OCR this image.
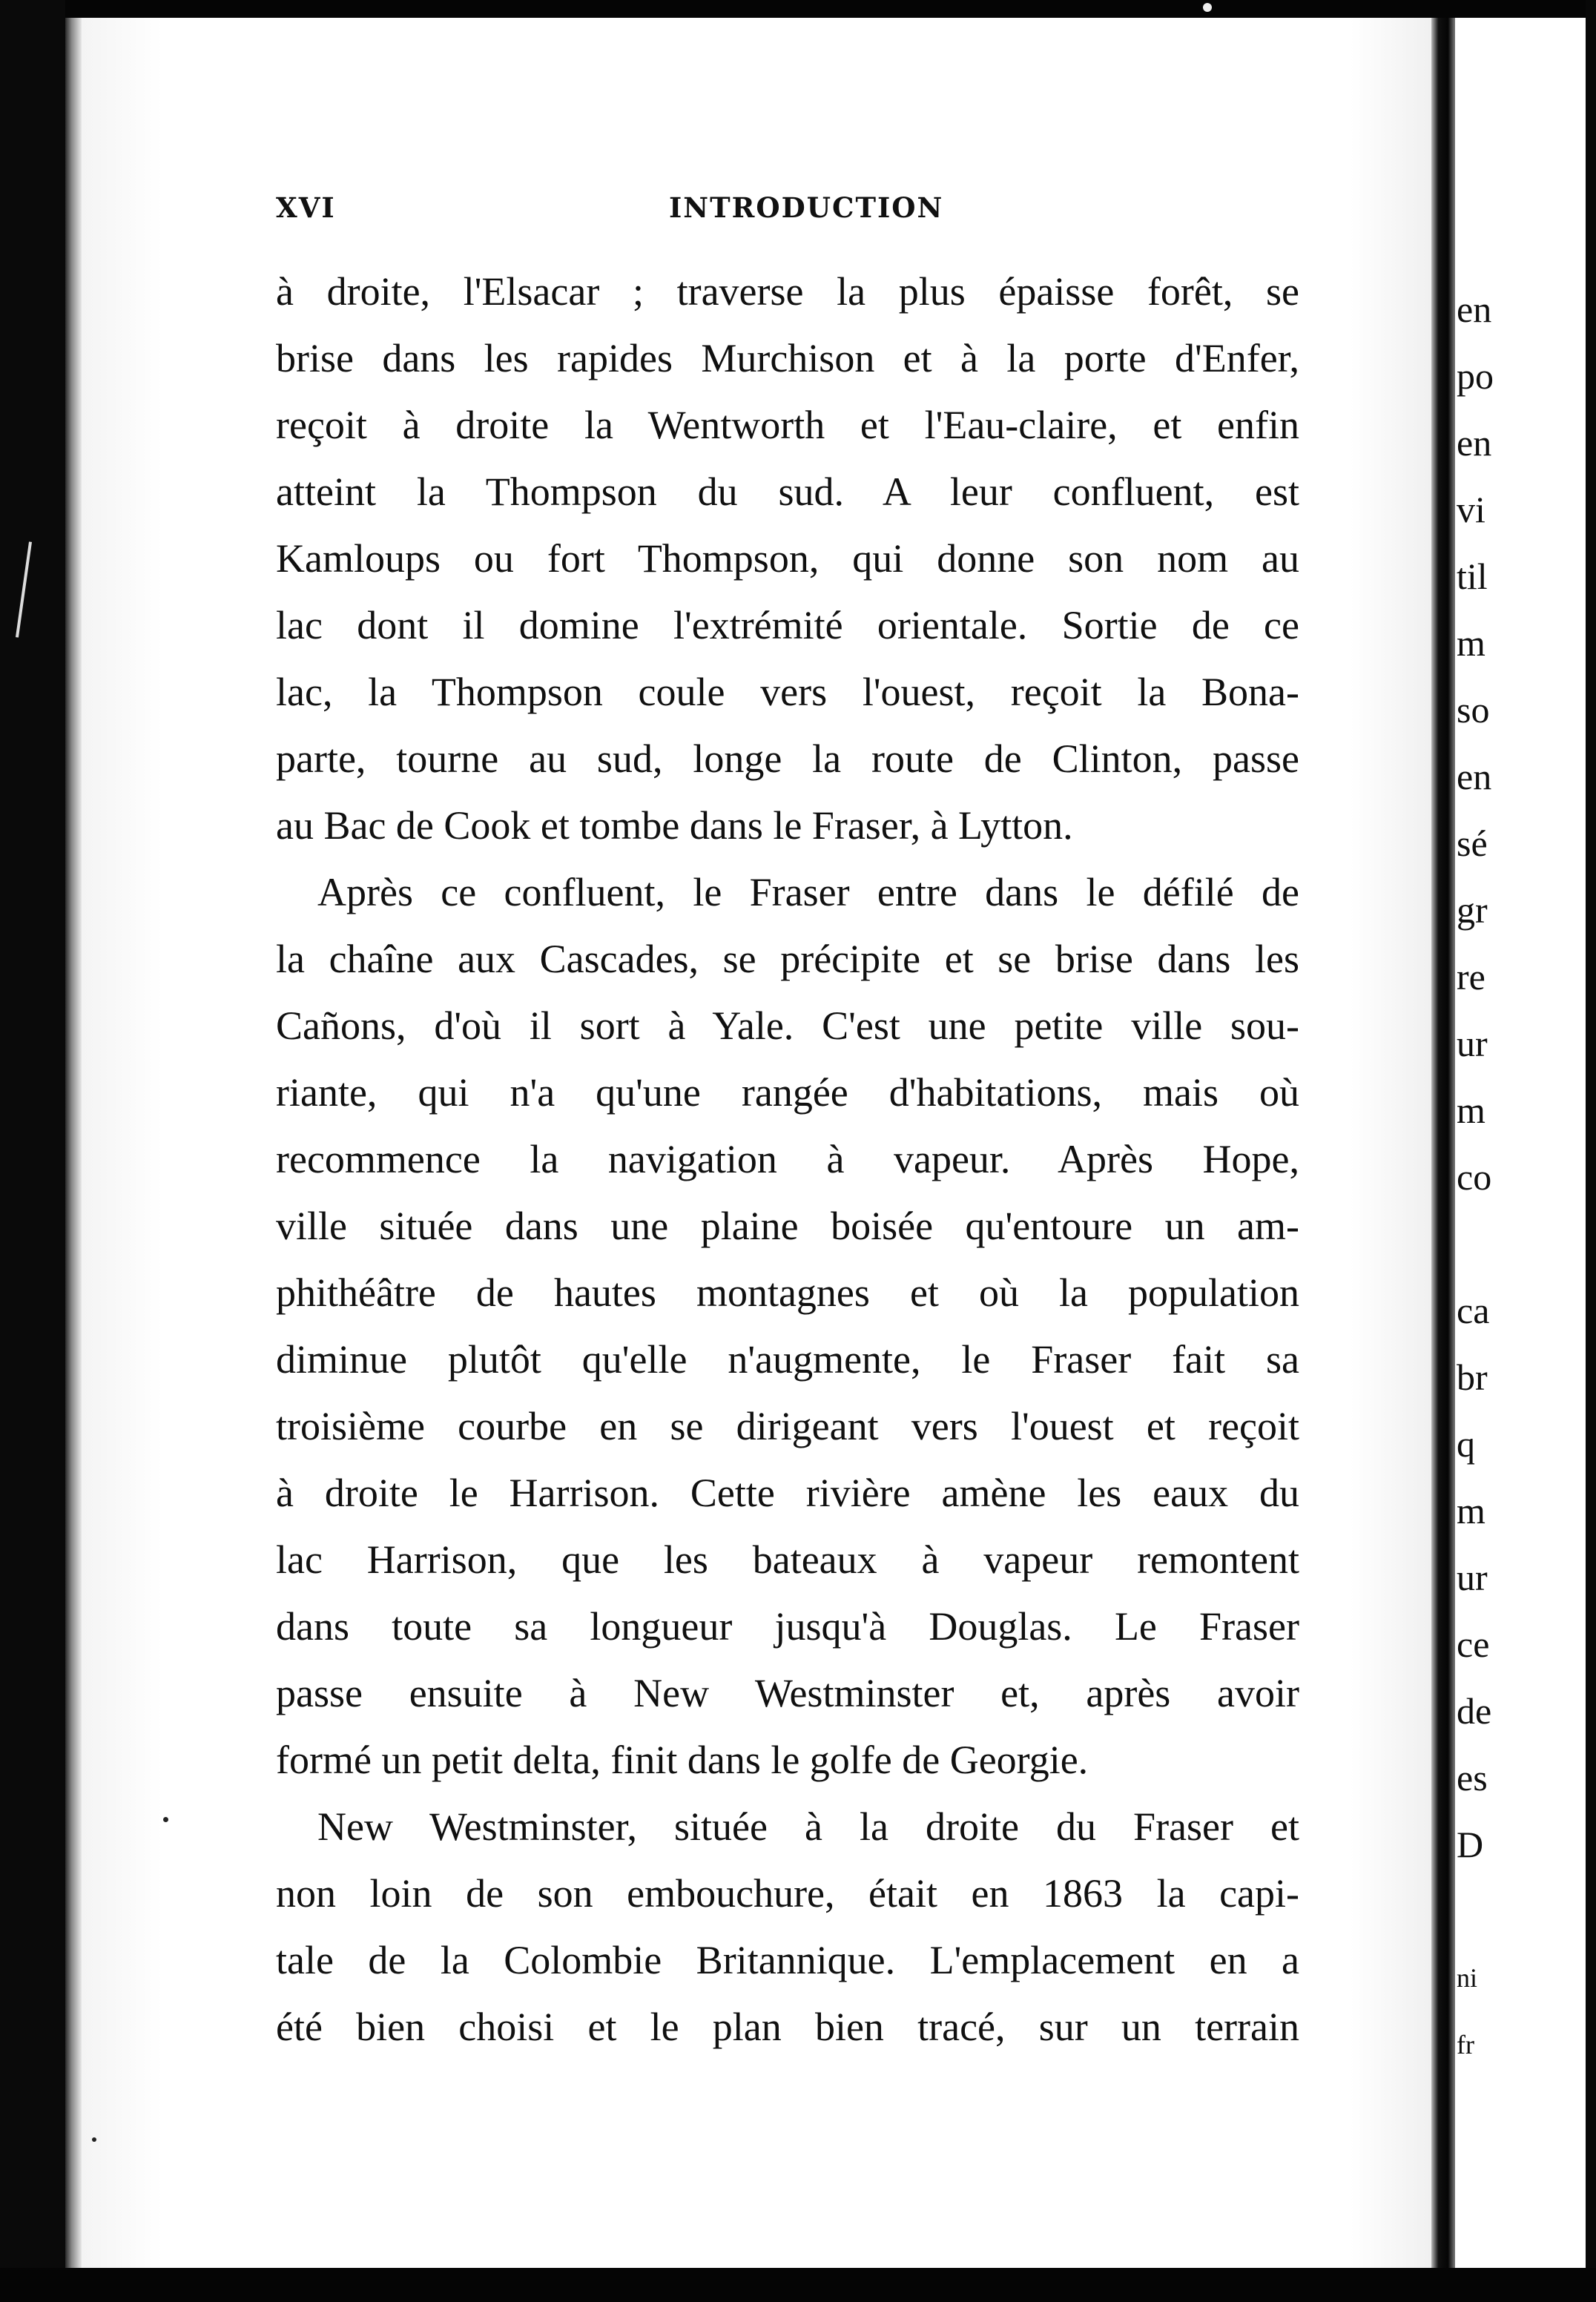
XVI	INTRODUCTION
à droite, l'Elsacar ; traverse la plus épaisse forêt, se
brise dans les rapides Murchison et à la porte d'Enfer,
reçoit à droite la Wentworth et l'Eau-claire, et enfin
atteint la Thompson du sud. A leur confluent, est
Kamloups ou fort Thompson, qui donne son nom au
lac dont il domine l'extrémité orientale. Sortie de ce
lac, la Thompson coule vers l'ouest, reçoit la Bona-
parte, tourne au sud, longe la route de Clinton, passe
au Bac de Cook et tombe dans le Fraser, à Lytton.
Après ce confluent, le Fraser entre dans le défilé de
la chaîne aux Cascades, se précipite et se brise dans les
Cañons, d'où il sort à Yale. C'est une petite ville sou-
riante, qui n'a qu'une rangée d'habitations, mais où
recommence la navigation à vapeur. Après Hope,
ville située dans une plaine boisée qu'entoure un am-
phithéâtre de hautes montagnes et où la population
diminue plutôt qu'elle n'augmente, le Fraser fait sa
troisième courbe en se dirigeant vers l'ouest et reçoit
à droite le Harrison. Cette rivière amène les eaux du
lac Harrison, que les bateaux à vapeur remontent
dans toute sa longueur jusqu'à Douglas. Le Fraser
passe ensuite à New Westminster et, après avoir
formé un petit delta, finit dans le golfe de Georgie.
New Westminster, située à la droite du Fraser et
non loin de son embouchure, était en 1863 la capi-
tale de la Colombie Britannique. L'emplacement en a
été bien choisi et le plan bien tracé, sur un terrain
en
po
en
vi
til
m
so
en
sé
gr
re
ur
m
co
ca
br
q
m
ur
ce
de
es
D
ni
fr
